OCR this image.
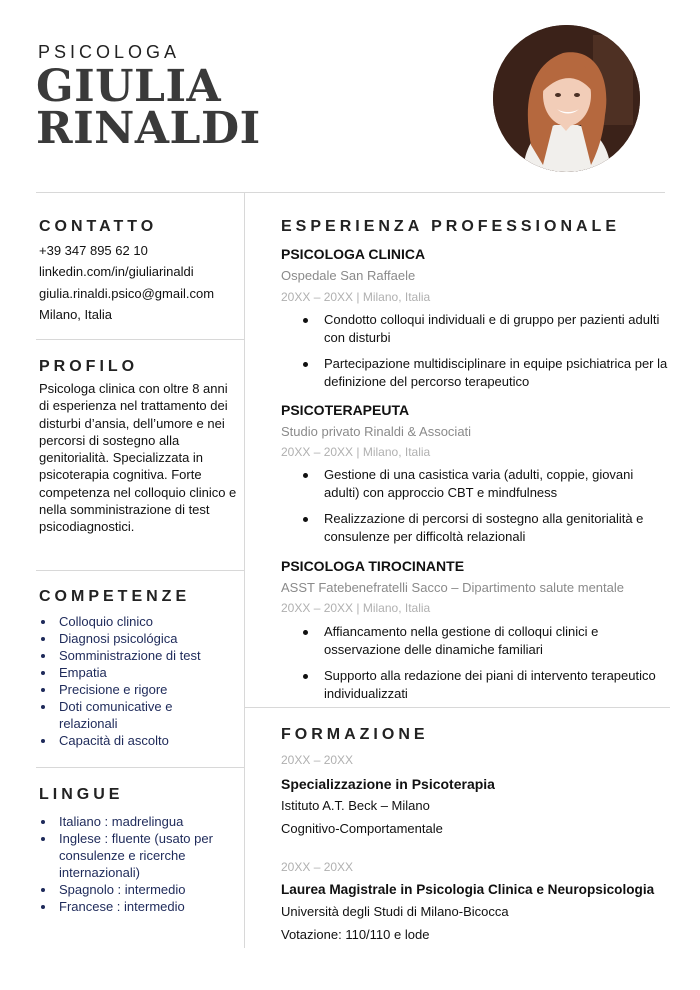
PSICOLOGA
GIULIA
RINALDI
CONTATTO
+39 347 895 62 10
linkedin.com/in/giuliarinaldi
giulia.rinaldi.psico@gmail.com
Milano, Italia
PROFILO
Psicologa clinica con oltre 8 anni di esperienza nel trattamento dei disturbi d’ansia, dell’umore e nei percorsi di sostegno alla genitorialità. Specializzata in psicoterapia cognitiva. Forte competenza nel colloquio clinico e nella somministrazione di test psicodiagnostici.
COMPETENZE
Colloquio clinico
Diagnosi psicológica
Somministrazione di test
Empatia
Precisione e rigore
Doti comunicative e relazionali
Capacità di ascolto
LINGUE
Italiano : madrelingua
Inglese : fluente (usato per consulenze e ricerche internazionali)
Spagnolo : intermedio
Francese : intermedio
ESPERIENZA PROFESSIONALE
PSICOLOGA CLINICA
Ospedale San Raffaele
20XX – 20XX | Milano, Italia
Condotto colloqui individuali e di gruppo per pazienti adulti con disturbi
Partecipazione multidisciplinare in equipe psichiatrica per la definizione del percorso terapeutico
PSICOTERAPEUTA
Studio privato Rinaldi & Associati
20XX – 20XX | Milano, Italia
Gestione di una casistica varia (adulti, coppie, giovani adulti) con approccio CBT e mindfulness
Realizzazione di percorsi di sostegno alla genitorialità e consulenze per difficoltà relazionali
PSICOLOGA TIROCINANTE
ASST Fatebenefratelli Sacco – Dipartimento salute mentale
20XX – 20XX | Milano, Italia
Affiancamento nella gestione di colloqui clinici e osservazione delle dinamiche familiari
Supporto alla redazione dei piani di intervento terapeutico individualizzati
FORMAZIONE
20XX – 20XX
Specializzazione in Psicoterapia
Istituto A.T. Beck – Milano
Cognitivo-Comportamentale
20XX – 20XX
Laurea Magistrale in Psicologia Clinica e Neuropsicologia
Università degli Studi di Milano-Bicocca
Votazione: 110/110 e lode
